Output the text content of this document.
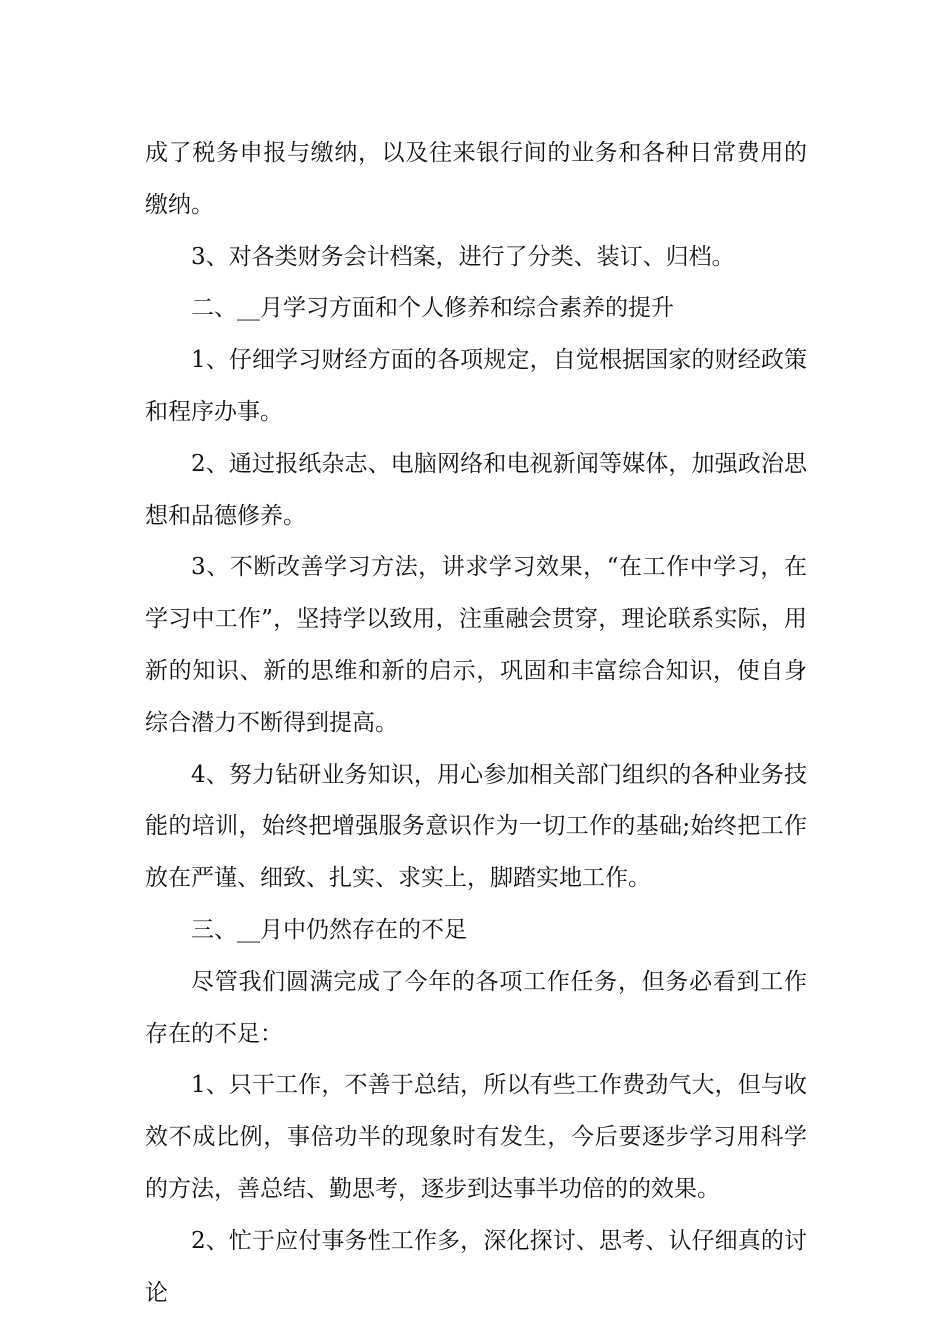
成了税务申报与缴纳，以及往来银行间的业务和各种日常费用的缴纳。

3、对各类财务会计档案，进行了分类、装订、归档。

二、__月学习方面和个人修养和综合素养的提升

1、仔细学习财经方面的各项规定，自觉根据国家的财经政策和程序办事。

2、通过报纸杂志、电脑网络和电视新闻等媒体，加强政治思想和品德修养。

3、不断改善学习方法，讲求学习效果，“在工作中学习，在学习中工作”，坚持学以致用，注重融会贯穿，理论联系实际，用新的知识、新的思维和新的启示，巩固和丰富综合知识，使自身综合潜力不断得到提高。

4、努力钻研业务知识，用心参加相关部门组织的各种业务技能的培训，始终把增强服务意识作为一切工作的基础;始终把工作放在严谨、细致、扎实、求实上，脚踏实地工作。

三、__月中仍然存在的不足

尽管我们圆满完成了今年的各项工作任务，但务必看到工作存在的不足：

1、只干工作，不善于总结，所以有些工作费劲气大，但与收效不成比例，事倍功半的现象时有发生，今后要逐步学习用科学的方法，善总结、勤思考，逐步到达事半功倍的的效果。

2、忙于应付事务性工作多，深化探讨、思考、认仔细真的讨论
